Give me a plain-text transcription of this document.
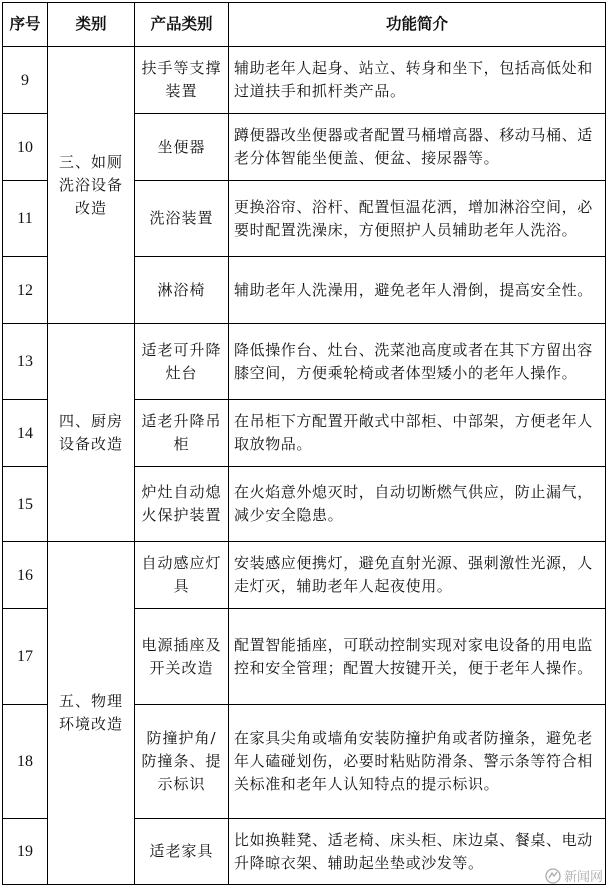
序号	类别	产品类别	功能简介
9	三、如厕洗浴设备改造	扶手等支撑装置	辅助老年人起身、站立、转身和坐下，包括高低处和过道扶手和抓杆类产品。
10		坐便器	蹲便器改坐便器或者配置马桶增高器、移动马桶、适老分体智能坐便盖、便盆、接尿器等。
11		洗浴装置	更换浴帘、浴杆、配置恒温花洒，增加淋浴空间，必要时配置洗澡床，方便照护人员辅助老年人洗浴。
12		淋浴椅	辅助老年人洗澡用，避免老年人滑倒，提高安全性。
13	四、厨房设备改造	适老可升降灶台	降低操作台、灶台、洗菜池高度或者在其下方留出容膝空间，方便乘轮椅或者体型矮小的老年人操作。
14		适老升降吊柜	在吊柜下方配置开敞式中部柜、中部架，方便老年人取放物品。
15		炉灶自动熄火保护装置	在火焰意外熄灭时，自动切断燃气供应，防止漏气，减少安全隐患。
16	五、物理环境改造	自动感应灯具	安装感应便携灯，避免直射光源、强刺激性光源，人走灯灭，辅助老年人起夜使用。
17		电源插座及开关改造	配置智能插座，可联动控制实现对家电设备的用电监控和安全管理；配置大按键开关，便于老年人操作。
18		防撞护角/防撞条、提示标识	在家具尖角或墙角安装防撞护角或者防撞条，避免老年人磕碰划伤，必要时粘贴防滑条、警示条等符合相关标准和老年人认知特点的提示标识。
19		适老家具	比如换鞋凳、适老椅、床头柜、床边桌、餐桌、电动升降晾衣架、辅助起坐垫或沙发等。
新闻网
